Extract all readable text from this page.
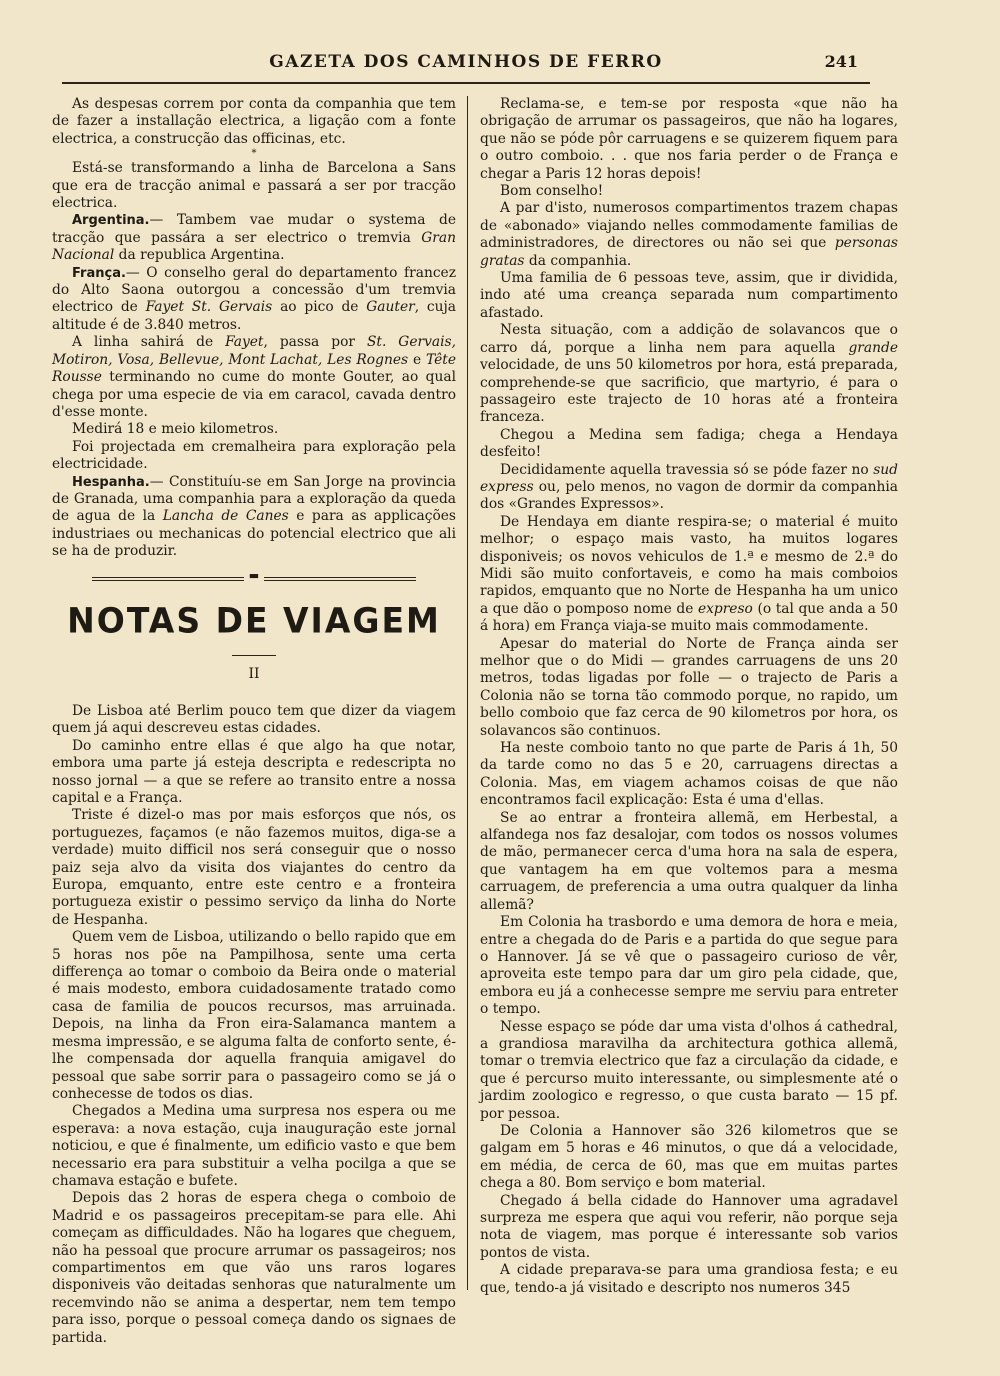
GAZETA DOS CAMINHOS DE FERRO	241

As despesas correm por conta da companhia que tem de fazer a installação electrica, a ligação com a fonte electrica, a construcção das officinas, etc.

*

Está-se transformando a linha de Barcelona a Sans que era de tracção animal e passará a ser por tracção electrica.

Argentina.— Tambem vae mudar o systema de tracção que passára a ser electrico o tremvia Gran Nacional da republica Argentina.

França.— O conselho geral do departamento francez do Alto Saona outorgou a concessão d'um tremvia electrico de Fayet St. Gervais ao pico de Gauter, cuja altitude é de 3.840 metros.

A linha sahirá de Fayet, passa por St. Gervais, Motiron, Vosa, Bellevue, Mont Lachat, Les Rognes e Tête Rousse terminando no cume do monte Gouter, ao qual chega por uma especie de via em caracol, cavada dentro d'esse monte.

Medirá 18 e meio kilometros.

Foi projectada em cremalheira para exploração pela electricidade.

Hespanha.— Constituíu-se em San Jorge na provincia de Granada, uma companhia para a exploração da queda de agua de la Lancha de Canes e para as applicações industriaes ou mechanicas do potencial electrico que ali se ha de produzir.

▬

NOTAS DE VIAGEM

II

De Lisboa até Berlim pouco tem que dizer da viagem quem já aqui descreveu estas cidades.

Do caminho entre ellas é que algo ha que notar, embora uma parte já esteja descripta e redescripta no nosso jornal — a que se refere ao transito entre a nossa capital e a França.

Triste é dizel-o mas por mais esforços que nós, os portuguezes, façamos (e não fazemos muitos, diga-se a verdade) muito difficil nos será conseguir que o nosso paiz seja alvo da visita dos viajantes do centro da Europa, emquanto, entre este centro e a fronteira portugueza existir o pessimo serviço da linha do Norte de Hespanha.

Quem vem de Lisboa, utilizando o bello rapido que em 5 horas nos põe na Pampilhosa, sente uma certa differença ao tomar o comboio da Beira onde o material é mais modesto, embora cuidadosamente tratado como casa de familia de poucos recursos, mas arruinada. Depois, na linha da Fron eira-Salamanca mantem a mesma impressão, e se alguma falta de conforto sente, é-lhe compensada dor aquella franquia amigavel do pessoal que sabe sorrir para o passageiro como se já o conhecesse de todos os dias.

Chegados a Medina uma surpresa nos espera ou me esperava: a nova estação, cuja inauguração este jornal noticiou, e que é finalmente, um edificio vasto e que bem necessario era para substituir a velha pocilga a que se chamava estação e bufete.

Depois das 2 horas de espera chega o comboio de Madrid e os passageiros precepitam-se para elle. Ahi começam as difficuldades. Não ha logares que cheguem, não ha pessoal que procure arrumar os passageiros; nos compartimentos em que vão uns raros logares disponiveis vão deitadas senhoras que naturalmente um recemvindo não se anima a despertar, nem tem tempo para isso, porque o pessoal começa dando os signaes de partida.

Reclama-se, e tem-se por resposta «que não ha obrigação de arrumar os passageiros, que não ha logares, que não se póde pôr carruagens e se quizerem fiquem para o outro comboio. . . que nos faria perder o de França e chegar a Paris 12 horas depois!

Bom conselho!

A par d'isto, numerosos compartimentos trazem chapas de «abonado» viajando nelles commodamente familias de administradores, de directores ou não sei que personas gratas da companhia.

Uma familia de 6 pessoas teve, assim, que ir dividida, indo até uma creança separada num compartimento afastado.

Nesta situação, com a addição de solavancos que o carro dá, porque a linha nem para aquella grande velocidade, de uns 50 kilometros por hora, está preparada, comprehende-se que sacrificio, que martyrio, é para o passageiro este trajecto de 10 horas até a fronteira franceza.

Chegou a Medina sem fadiga; chega a Hendaya desfeito!

Decididamente aquella travessia só se póde fazer no sud express ou, pelo menos, no vagon de dormir da companhia dos «Grandes Expressos».

De Hendaya em diante respira-se; o material é muito melhor; o espaço mais vasto, ha muitos logares disponiveis; os novos vehiculos de 1.ª e mesmo de 2.ª do Midi são muito confortaveis, e como ha mais comboios rapidos, emquanto que no Norte de Hespanha ha um unico a que dão o pomposo nome de expreso (o tal que anda a 50 á hora) em França viaja-se muito mais commodamente.

Apesar do material do Norte de França ainda ser melhor que o do Midi — grandes carruagens de uns 20 metros, todas ligadas por folle — o trajecto de Paris a Colonia não se torna tão commodo porque, no rapido, um bello comboio que faz cerca de 90 kilometros por hora, os solavancos são continuos.

Ha neste comboio tanto no que parte de Paris á 1h, 50 da tarde como no das 5 e 20, carruagens directas a Colonia. Mas, em viagem achamos coisas de que não encontramos facil explicação: Esta é uma d'ellas.

Se ao entrar a fronteira allemã, em Herbestal, a alfandega nos faz desalojar, com todos os nossos volumes de mão, permanecer cerca d'uma hora na sala de espera, que vantagem ha em que voltemos para a mesma carruagem, de preferencia a uma outra qualquer da linha allemã?

Em Colonia ha trasbordo e uma demora de hora e meia, entre a chegada do de Paris e a partida do que segue para o Hannover. Já se vê que o passageiro curioso de vêr, aproveita este tempo para dar um giro pela cidade, que, embora eu já a conhecesse sempre me serviu para entreter o tempo.

Nesse espaço se póde dar uma vista d'olhos á cathedral, a grandiosa maravilha da architectura gothica allemã, tomar o tremvia electrico que faz a circulação da cidade, e que é percurso muito interessante, ou simplesmente até o jardim zoologico e regresso, o que custa barato — 15 pf. por pessoa.

De Colonia a Hannover são 326 kilometros que se galgam em 5 horas e 46 minutos, o que dá a velocidade, em média, de cerca de 60, mas que em muitas partes chega a 80. Bom serviço e bom material.

Chegado á bella cidade do Hannover uma agradavel surpreza me espera que aqui vou referir, não porque seja nota de viagem, mas porque é interessante sob varios pontos de vista.

A cidade preparava-se para uma grandiosa festa; e eu que, tendo-a já visitado e descripto nos numeros 345
